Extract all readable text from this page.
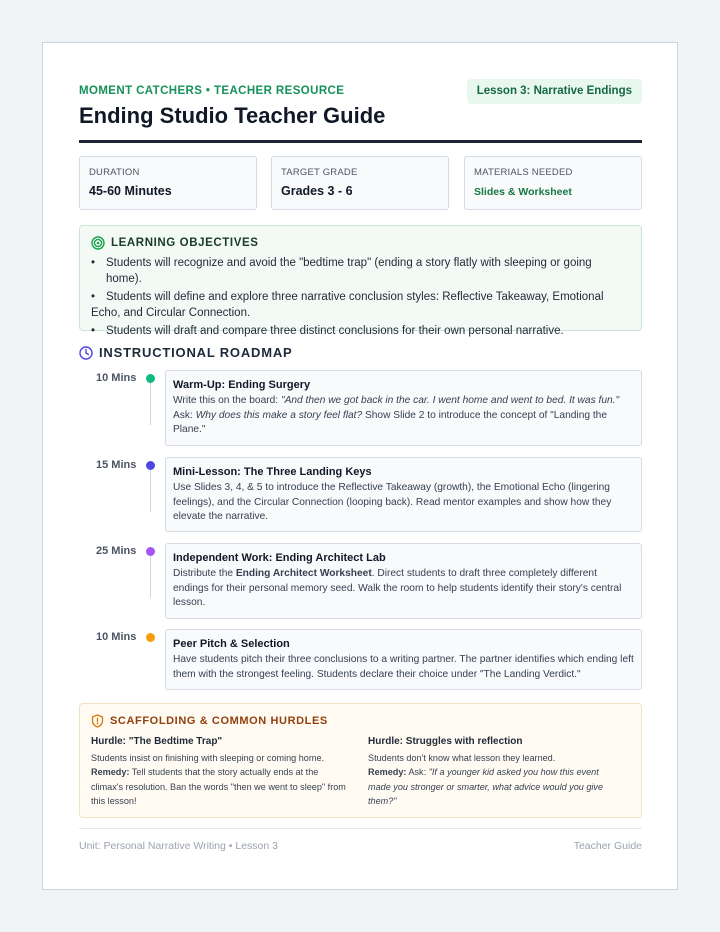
MOMENT CATCHERS • TEACHER RESOURCE	Lesson 3: Narrative Endings
Ending Studio Teacher Guide
DURATION
45-60 Minutes
TARGET GRADE
Grades 3 - 6
MATERIALS NEEDED
Slides & Worksheet
LEARNING OBJECTIVES
• Students will recognize and avoid the "bedtime trap" (ending a story flatly with sleeping or going home).
• Students will define and explore three narrative conclusion styles: Reflective Takeaway, Emotional Echo, and Circular Connection.
• Students will draft and compare three distinct conclusions for their own personal narrative.
INSTRUCTIONAL ROADMAP
10 Mins
Warm-Up: Ending Surgery
Write this on the board: "And then we got back in the car. I went home and went to bed. It was fun." Ask: Why does this make a story feel flat? Show Slide 2 to introduce the concept of "Landing the Plane."
15 Mins
Mini-Lesson: The Three Landing Keys
Use Slides 3, 4, & 5 to introduce the Reflective Takeaway (growth), the Emotional Echo (lingering feelings), and the Circular Connection (looping back). Read mentor examples and show how they elevate the narrative.
25 Mins
Independent Work: Ending Architect Lab
Distribute the Ending Architect Worksheet. Direct students to draft three completely different endings for their personal memory seed. Walk the room to help students identify their story's central lesson.
10 Mins
Peer Pitch & Selection
Have students pitch their three conclusions to a writing partner. The partner identifies which ending left them with the strongest feeling. Students declare their choice under "The Landing Verdict."
SCAFFOLDING & COMMON HURDLES
Hurdle: "The Bedtime Trap"
Students insist on finishing with sleeping or coming home.
Remedy: Tell students that the story actually ends at the climax's resolution. Ban the words "then we went to sleep" from this lesson!
Hurdle: Struggles with reflection
Students don't know what lesson they learned.
Remedy: Ask: "If a younger kid asked you how this event made you stronger or smarter, what advice would you give them?"
Unit: Personal Narrative Writing • Lesson 3	Teacher Guide
